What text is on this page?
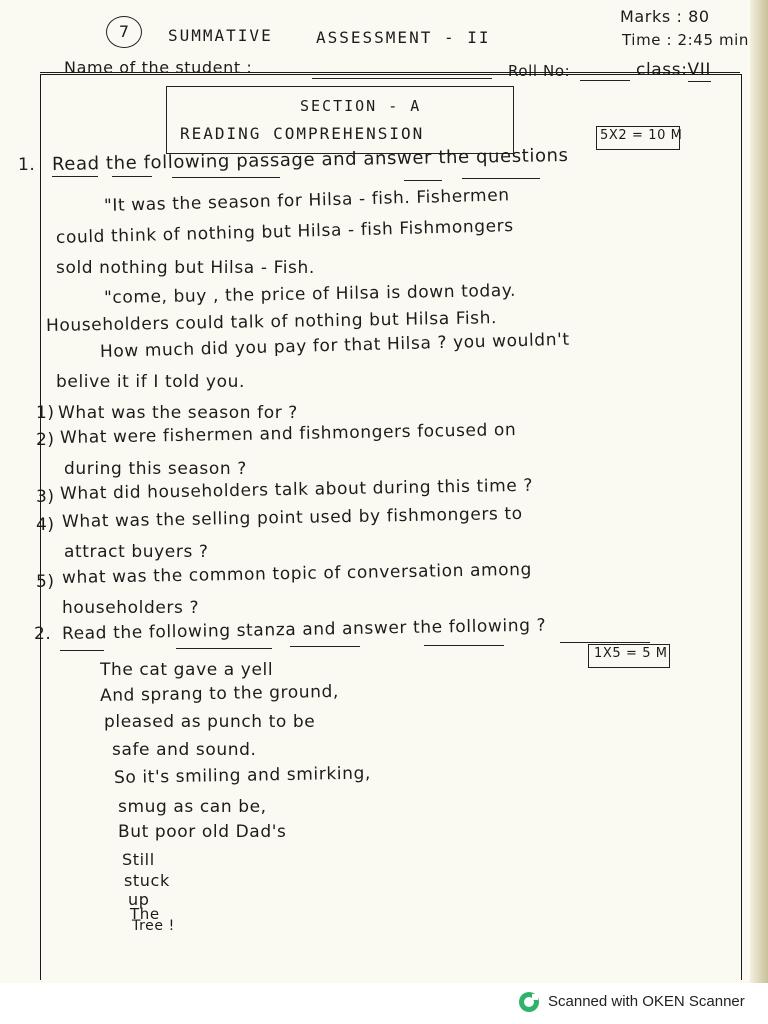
7	SUMMATIVE	ASSESSMENT - II
Marks : 80
Time : 2:45 min
Name of the student :	Roll No:	class:VII
SECTION - A
READING COMPREHENSION	5X2 = 10 M
1. Read the following passage and answer the questions
"It was the season for Hilsa - fish. Fishermen
could think of nothing but Hilsa - fish Fishmongers
sold nothing but Hilsa - Fish.
"come, buy , the price of Hilsa is down today.
Householders could talk of nothing but Hilsa Fish.
How much did you pay for that Hilsa ? you wouldn't
belive it if I told you.
1) What was the season for ?
2) What were fishermen and fishmongers focused on
during this season ?
3) What did householders talk about during this time ?
4) What was the selling point used by fishmongers to
attract buyers ?
5) what was the common topic of conversation among
householders ?
2. Read the following stanza and answer the following ?
1X5 = 5 M
The cat gave a yell
And sprang to the ground,
pleased as punch to be
safe and sound.
So it's smiling and smirking,
smug as can be,
But poor old Dad's
Still
stuck
up
The
Tree !
Scanned with OKEN Scanner
